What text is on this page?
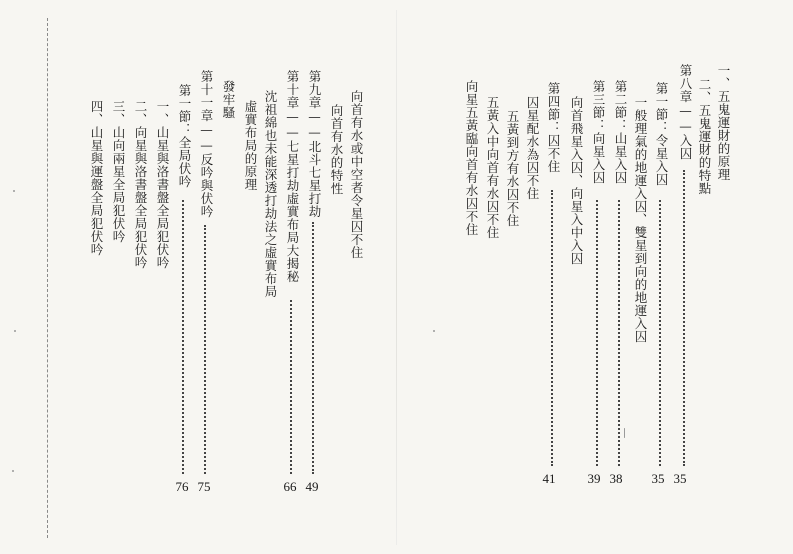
一、五鬼運財的原理
二、五鬼運財的特點
第八章——入囚
35
第一節：令星入囚
35
一般理氣的地運入囚、雙星到向的地運入囚
第二節：山星入囚
38
第三節：向星入囚
39
向首飛星入囚、向星入中入囚
第四節：囚不住
41
囚星配水為囚不住
五黃到方有水囚不住
五黃入中向首有水囚不住
向星五黃臨向首有水囚不住
向首有水或中空者令星囚不住
向首有水的特性
第九章——北斗七星打劫
49
第十章——七星打劫虛實布局大揭秘
66
沈祖綿也未能深透打劫法之虛實布局
虛實布局的原理
發牢騷
第十一章——反吟與伏吟
75
第一節：全局伏吟
76
一、山星與洛書盤全局犯伏吟
二、向星與洛書盤全局犯伏吟
三、山向兩星全局犯伏吟
四、山星與運盤全局犯伏吟
